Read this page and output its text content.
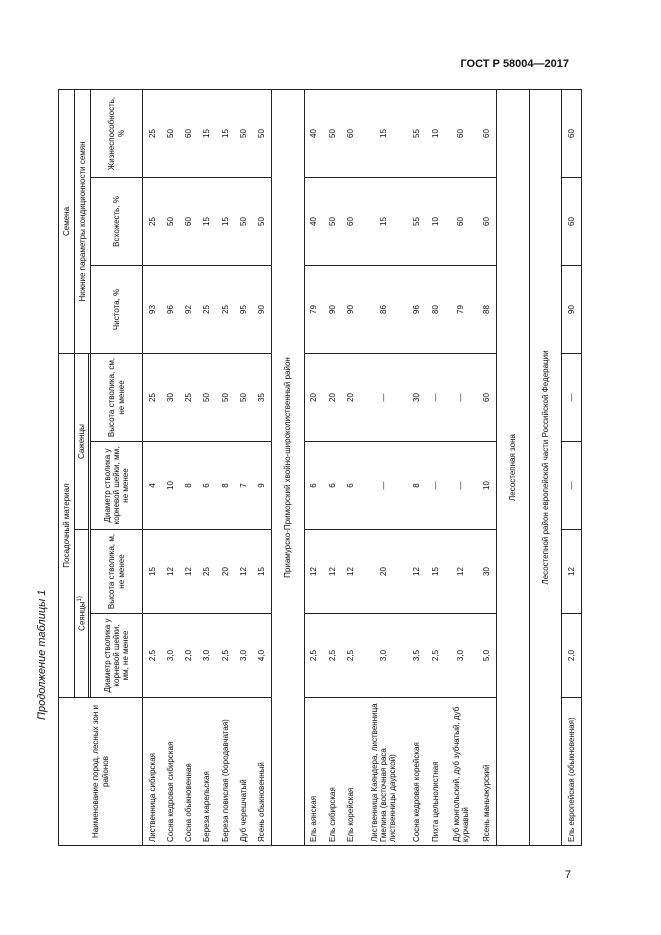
ГОСТ Р 58004—2017
Продолжение таблицы 1
Наименование пород, лесных зон и районов	Посадочный материал				Семена		
	Сеянцы$^{1)}$		Саженцы		Нижние параметры кондиционности семян		

	Диаметр стволика у корневой шейки, мм, не менее	Высота стволика, м, не менее	Диаметр стволика у корневой шейки, мм, не менее	Высота стволика, см, не менее	Чистота, %	Всхожесть, %	Жизнеспособность, %
Лиственница сибирская	2,5	15	4	25	93	25	25
Сосна кедровая сибирская	3,0	12	10	30	96	50	50
Сосна обыкновенная	2,0	12	8	25	92	60	60
Береза карельская	3,0	25	6	50	25	15	15
Береза повислая (бородавчатая)	2,5	20	8	50	25	15	15
Дуб черешчатый	3,0	12	7	50	95	50	50
Ясень обыкновенный	4,0	15	9	35	90	50	50
Приамурско-Приморский хвойно-широколиственный район							
Ель аянская	2,5	12	6	20	79	40	40
Ель сибирская	2,5	12	6	20	90	50	50
Ель корейская	2,5	12	6	20	90	60	60
Лиственница Каяндера, лиственница Гмелина (восточная раса лиственницы даурской)	3,0	20	—	—	86	15	15
Сосна кедровая корейская	3,5	12	8	30	96	55	55
Пихта цельнолистная	2,5	15	—	—	80	10	10
Дуб монгольский, дуб зубчатый, дуб курчавый	3,0	12	—	—	79	60	60
Ясень маньчжурский	5,0	30	10	60	88	60	60
Лесостепная зона							
Лесостепной район европейской части Российской Федерации							
Ель европейская (обыкновенная)	2,0	12	—	—	90	60	60
7
